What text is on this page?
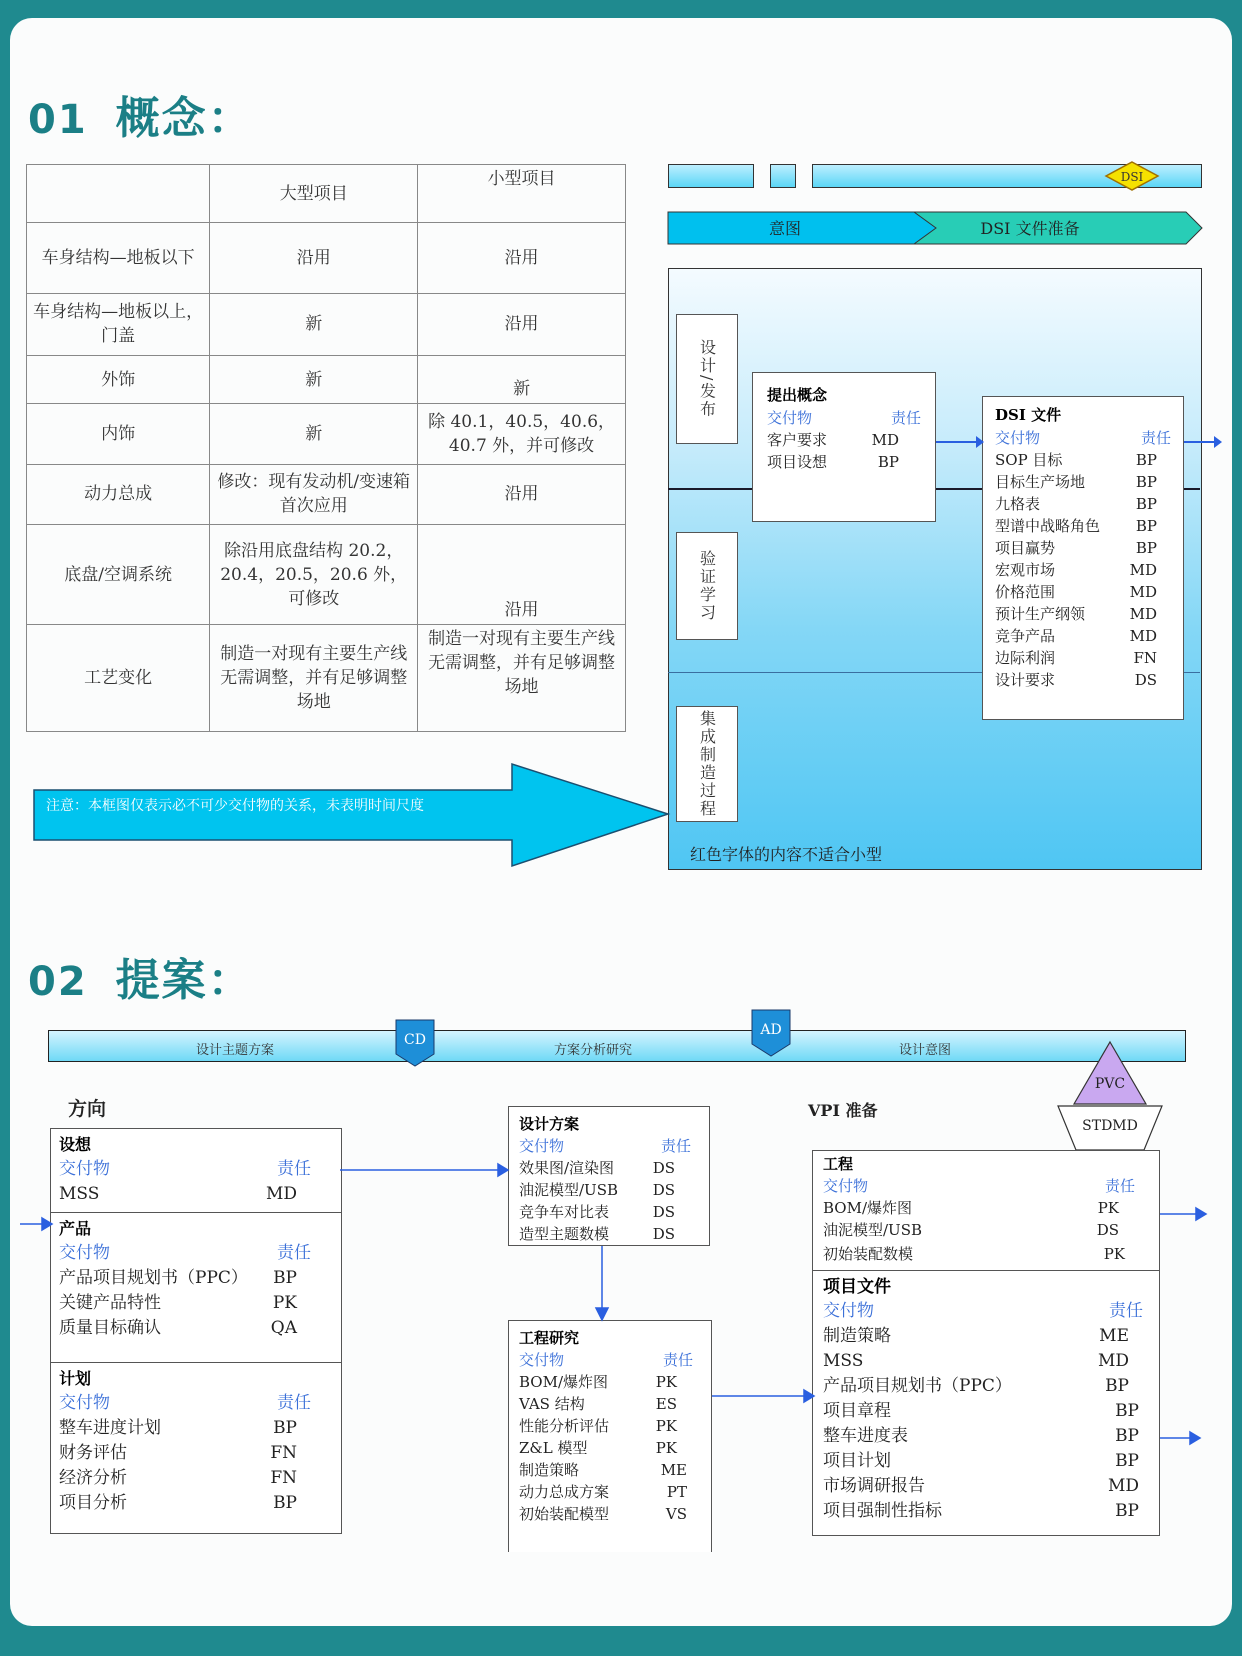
01 概念：
	大型项目	小型项目
车身结构—地板以下	沿用	沿用
车身结构—地板以上，门盖	新	沿用
外饰	新	新
内饰	新	除 40.1，40.5，40.6，40.7 外，并可修改
动力总成	修改：现有发动机/变速箱首次应用	沿用
底盘/空调系统	除沿用底盘结构 20.2，20.4，20.5，20.6 外，可修改	沿用
工艺变化	制造一对现有主要生产线无需调整，并有足够调整场地	制造一对现有主要生产线无需调整，并有足够调整场地
DSI
意图	DSI 文件准备
设计/发布
验证学习
集成制造过程
红色字体的内容不适合小型
提出概念
交付物	责任
客户要求	MD
项目设想	BP
DSI 文件
交付物	责任
SOP 目标	BP
目标生产场地	BP
九格表	BP
型谱中战略角色 BP
项目赢势	BP
宏观市场	MD
价格范围	MD
预计生产纲领	MD
竞争产品	MD
边际利润	FN
设计要求	DS
注意：本框图仅表示必不可少交付物的关系，未表明时间尺度
02 提案：
设计主题方案	方案分析研究	设计意图
CD
AD
PVC
STDMD
方向
设想
交付物	责任
MSS	MD
产品
交付物	责任
产品项目规划书（PPC） BP
关键产品特性	PK
质量目标确认	QA
计划
交付物	责任
整车进度计划	BP
财务评估	FN
经济分析	FN
项目分析	BP
设计方案
交付物	责任
效果图/渲染图	DS
油泥模型/USB DS
竞争车对比表	DS
造型主题数模	DS
工程研究
交付物	责任
BOM/爆炸图	PK
VAS 结构	ES
性能分析评估	PK
Z&L 模型	PK
制造策略	ME
动力总成方案	PT
初始装配模型	VS
VPI 准备
工程
交付物	责任
BOM/爆炸图	PK
油泥模型/USB	DS
初始装配数模	PK
项目文件
交付物	责任
制造策略	ME
MSS	MD
产品项目规划书（PPC）	BP
项目章程	BP
整车进度表	BP
项目计划	BP
市场调研报告	MD
项目强制性指标	BP
